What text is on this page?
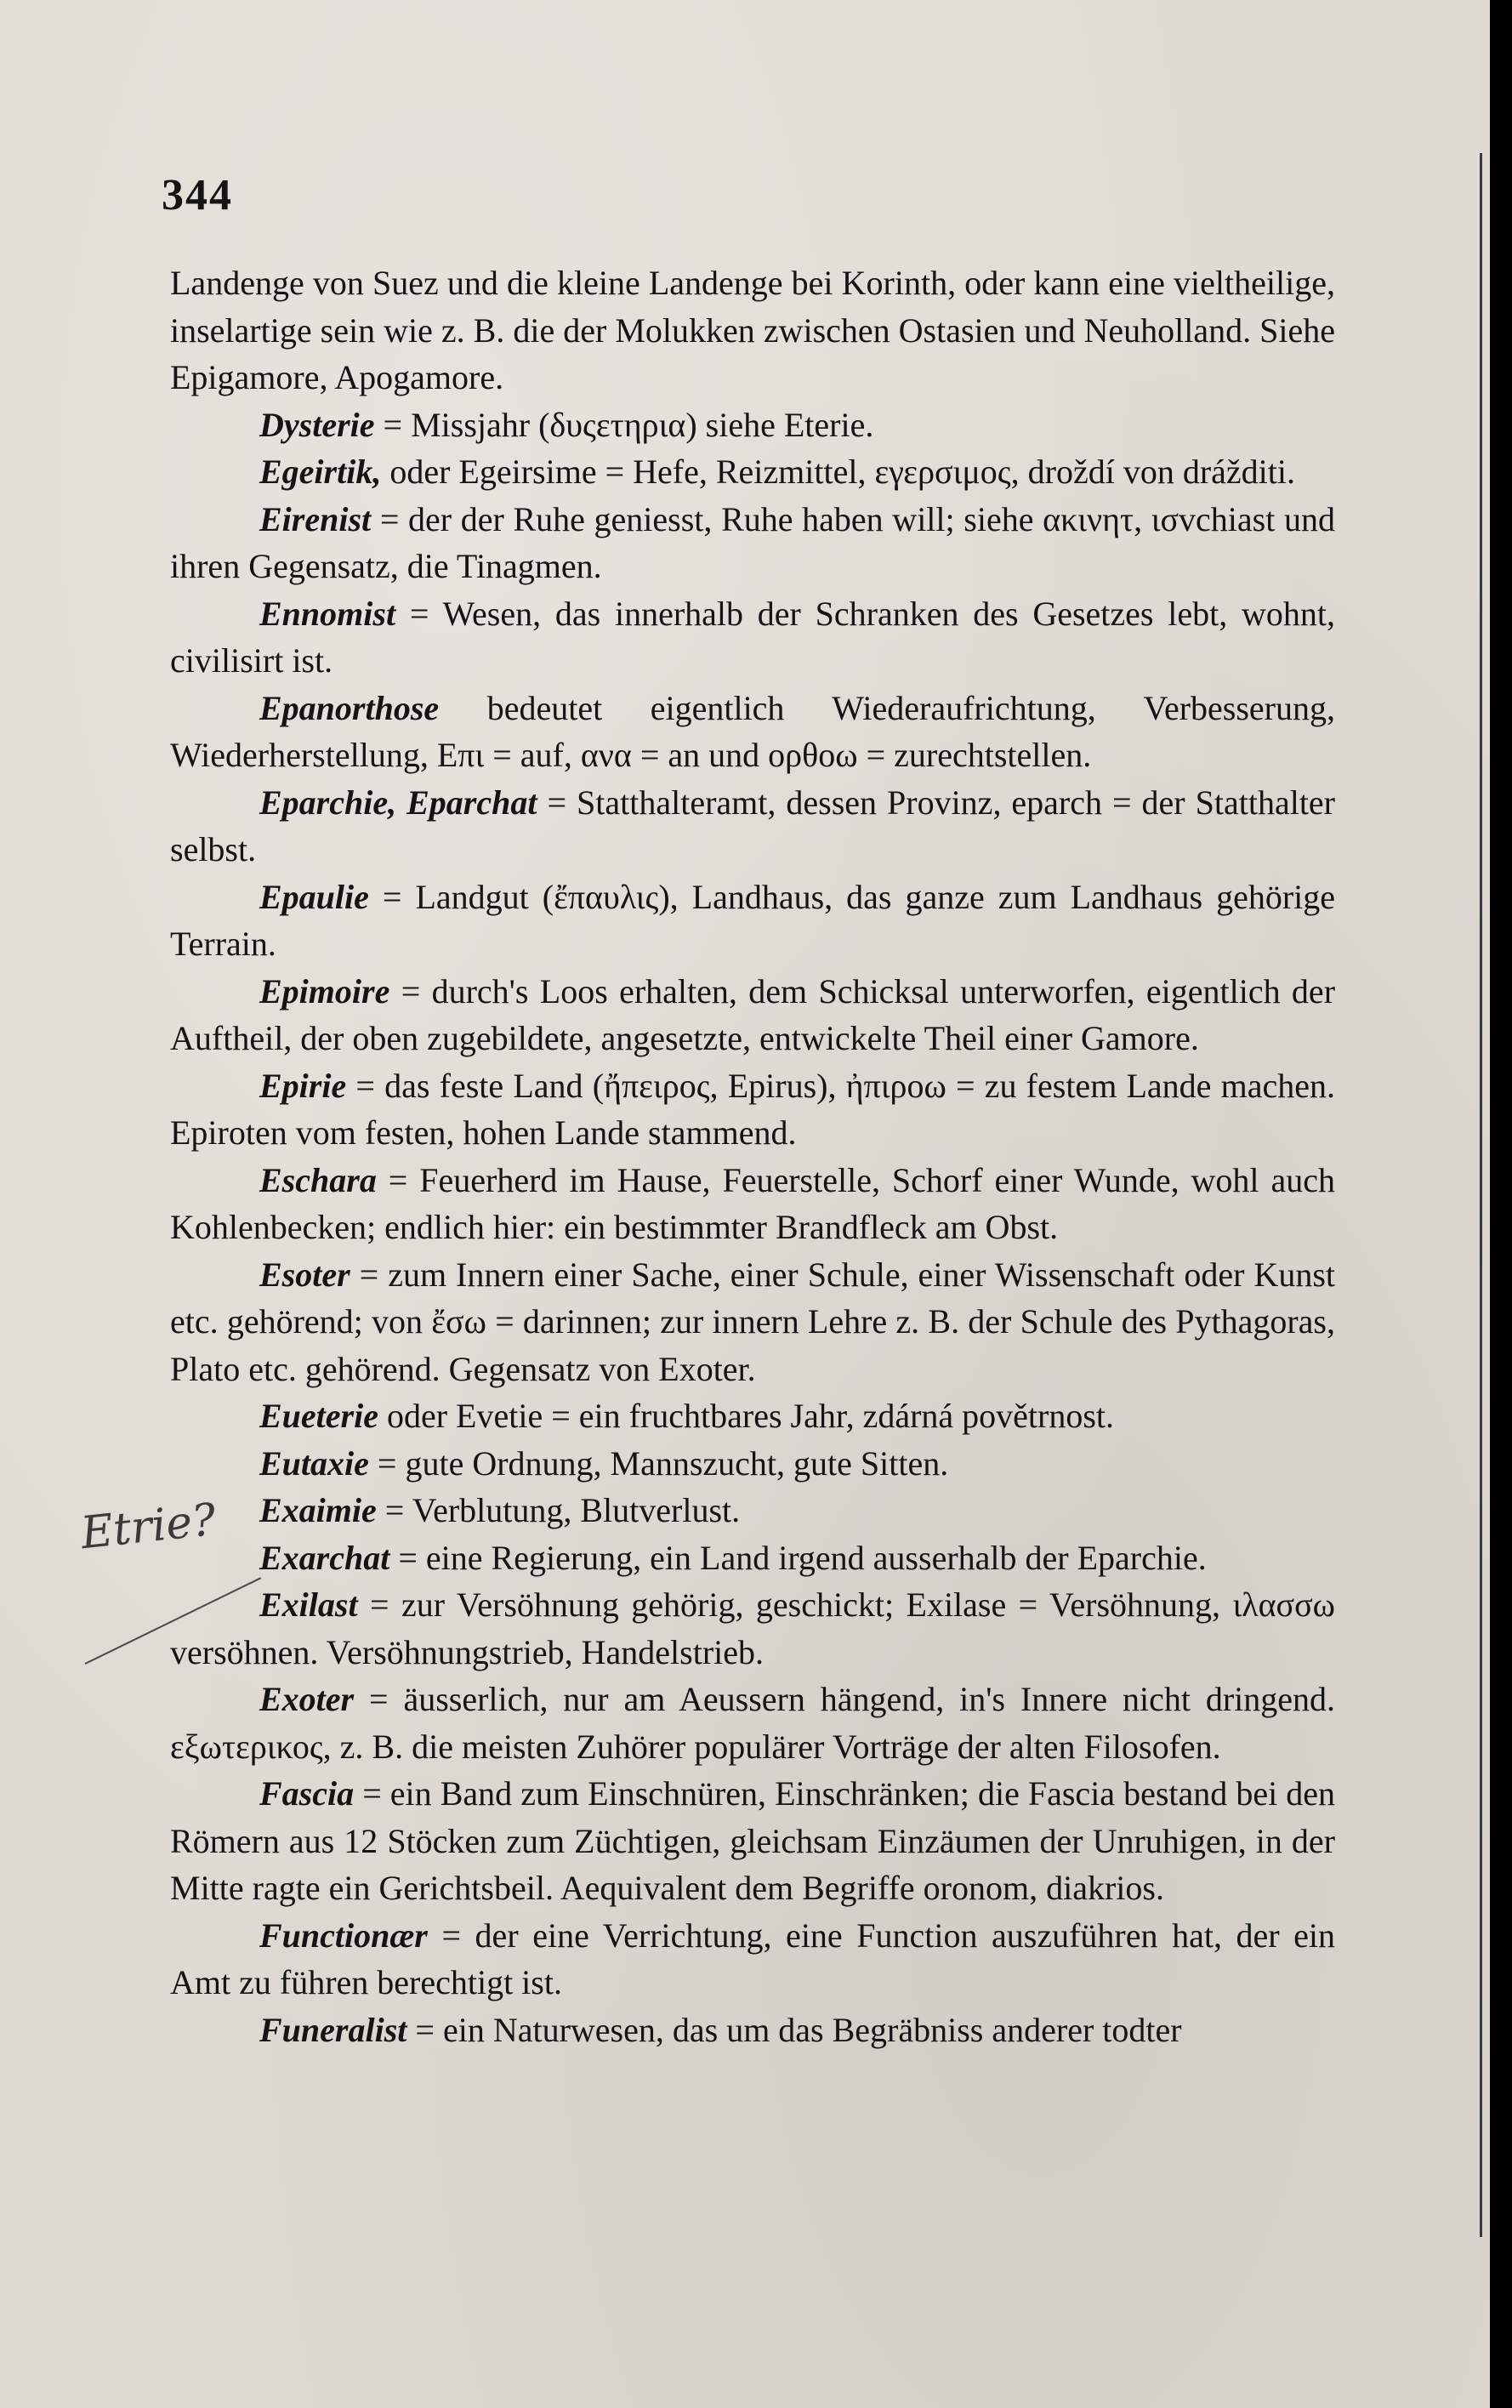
344

Landenge von Suez und die kleine Landenge bei Korinth, oder kann eine vieltheilige, inselartige sein wie z. B. die der Molukken zwischen Ostasien und Neuholland. Siehe Epigamore, Apogamore.

Dysterie = Missjahr (δυςετηρια) siehe Eterie.

Egeirtik, oder Egeirsime = Hefe, Reizmittel, εγερσιμος, droždí von drážditi.

Eirenist = der der Ruhe geniesst, Ruhe haben will; siehe ακινητ, ισvchiast und ihren Gegensatz, die Tinagmen.

Ennomist = Wesen, das innerhalb der Schranken des Gesetzes lebt, wohnt, civilisirt ist.

Epanorthose bedeutet eigentlich Wiederaufrichtung, Verbesserung, Wiederherstellung, Επι = auf, ανα = an und ορθοω = zurechtstellen.

Eparchie, Eparchat = Statthalteramt, dessen Provinz, eparch = der Statthalter selbst.

Epaulie = Landgut (ἔπαυλις), Landhaus, das ganze zum Landhaus gehörige Terrain.

Epimoire = durch's Loos erhalten, dem Schicksal unterworfen, eigentlich der Auftheil, der oben zugebildete, angesetzte, entwickelte Theil einer Gamore.

Epirie = das feste Land (ἤπειρος, Epirus), ἠπιροω = zu festem Lande machen. Epiroten vom festen, hohen Lande stammend.

Eschara = Feuerherd im Hause, Feuerstelle, Schorf einer Wunde, wohl auch Kohlenbecken; endlich hier: ein bestimmter Brandfleck am Obst.

Esoter = zum Innern einer Sache, einer Schule, einer Wissenschaft oder Kunst etc. gehörend; von ἔσω = darinnen; zur innern Lehre z. B. der Schule des Pythagoras, Plato etc. gehörend. Gegensatz von Exoter.

Eueterie oder Evetie = ein fruchtbares Jahr, zdárná povětrnost.

Eutaxie = gute Ordnung, Mannszucht, gute Sitten.

Exaimie = Verblutung, Blutverlust.

Exarchat = eine Regierung, ein Land irgend ausserhalb der Eparchie.

Exilast = zur Versöhnung gehörig, geschickt; Exilase = Versöhnung, ιλασσω versöhnen. Versöhnungstrieb, Handelstrieb.

Exoter = äusserlich, nur am Aeussern hängend, in's Innere nicht dringend. εξωτερικος, z. B. die meisten Zuhörer populärer Vorträge der alten Filosofen.

Fascia = ein Band zum Einschnüren, Einschränken; die Fascia bestand bei den Römern aus 12 Stöcken zum Züchtigen, gleichsam Einzäumen der Unruhigen, in der Mitte ragte ein Gerichtsbeil. Aequivalent dem Begriffe oronom, diakrios.

Functionær = der eine Verrichtung, eine Function auszuführen hat, der ein Amt zu führen berechtigt ist.

Funeralist = ein Naturwesen, das um das Begräbniss anderer todter

Etrie?
